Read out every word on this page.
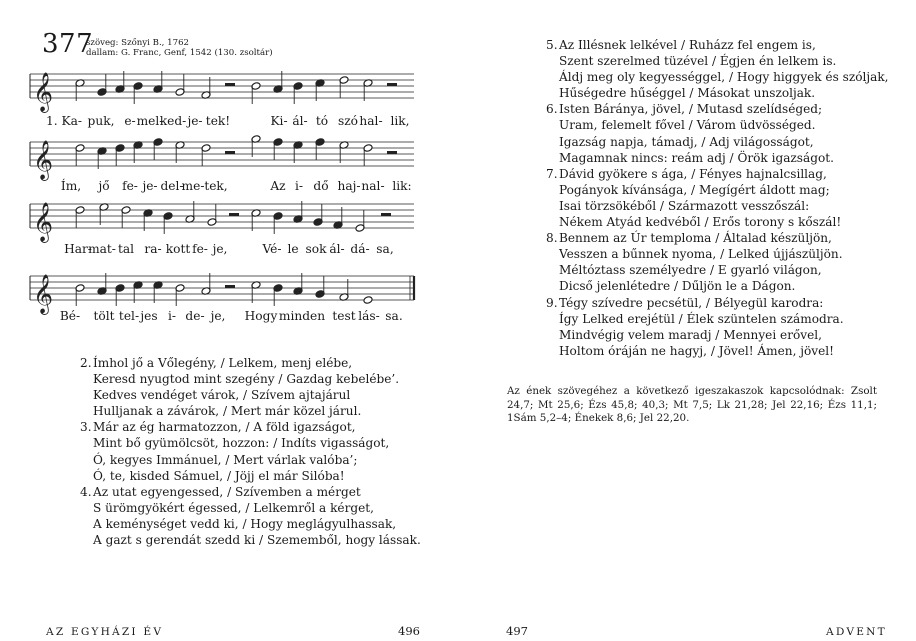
377
szöveg: Szőnyi B., 1762
dallam: G. Franc, Genf, 1542 (130. zsoltár)
𝄞
1. Ka- puk, e- mel-
ked- je- tek!	Ki- ál- tó szó hal- lik,
𝄞
Ím, jő fe- je- del-
me- tek,	Az i- dő haj- nal- lik:
𝄞
Har-
mat- tal ra- kott fe- je,	Vé- le sok ál- dá- sa,
𝄞
Bé- tölt tel- jes i- de- je, Hogy minden test lás- sa.
2.Ímhol jő a Vőlegény, / Lelkem, menj elébe,
Keresd nyugtod mint szegény / Gazdag kebelébe’.
Kedves vendéget várok, / Szívem ajtajárul
Hulljanak a závárok, / Mert már közel járul.
3.Már az ég harmatozzon, / A föld igazságot,
Mint bő gyümölcsöt, hozzon: / Indíts vigasságot,
Ó, kegyes Immánuel, / Mert várlak valóba’;
Ó, te, kisded Sámuel, / Jöjj el már Silóba!
4.Az utat egyengessed, / Szívemben a mérget
S ürömgyökért égessed, / Lelkemről a kérget,
A keménységet vedd ki, / Hogy meglágyulhassak,
A gazt s gerendát szedd ki / Szememből, hogy lássak.
5.Az Illésnek lelkével / Ruházz fel engem is,
Szent szerelmed tüzével / Égjen én lelkem is.
Áldj meg oly kegyességgel, / Hogy higgyek és szóljak,
Hűségedre hűséggel / Másokat unszoljak.
6.Isten Báránya, jövel, / Mutasd szelídséged;
Uram, felemelt fővel / Várom üdvösséged.
Igazság napja, támadj, / Adj világosságot,
Magamnak nincs: reám adj / Örök igazságot.
7.Dávid gyökere s ága, / Fényes hajnalcsillag,
Pogányok kívánsága, / Megígért áldott mag;
Isai törzsökéből / Származott vesszőszál:
Nékem Atyád kedvéből / Erős torony s kőszál!
8.Bennem az Úr temploma / Általad készüljön,
Vesszen a bűnnek nyoma, / Lelked újjászüljön.
Méltóztass személyedre / E gyarló világon,
Dicső jelenlétedre / Dűljön le a Dágon.
9.Tégy szívedre pecsétül, / Bélyegül karodra:
Így Lelked erejétül / Élek szüntelen számodra.
Mindvégig velem maradj / Mennyei erővel,
Holtom óráján ne hagyj, / Jövel! Ámen, jövel!
Az ének szövegéhez a következő igeszakaszok kapcsolódnak: Zsolt 24,7; Mt 25,6; Ézs 45,8; 40,3; Mt 7,5; Lk 21,28; Jel 22,16; Ézs 11,1; 1Sám 5,2–4; Énekek 8,6; Jel 22,20.
AZ EGYHÁZI ÉV	496	497	ADVENT
